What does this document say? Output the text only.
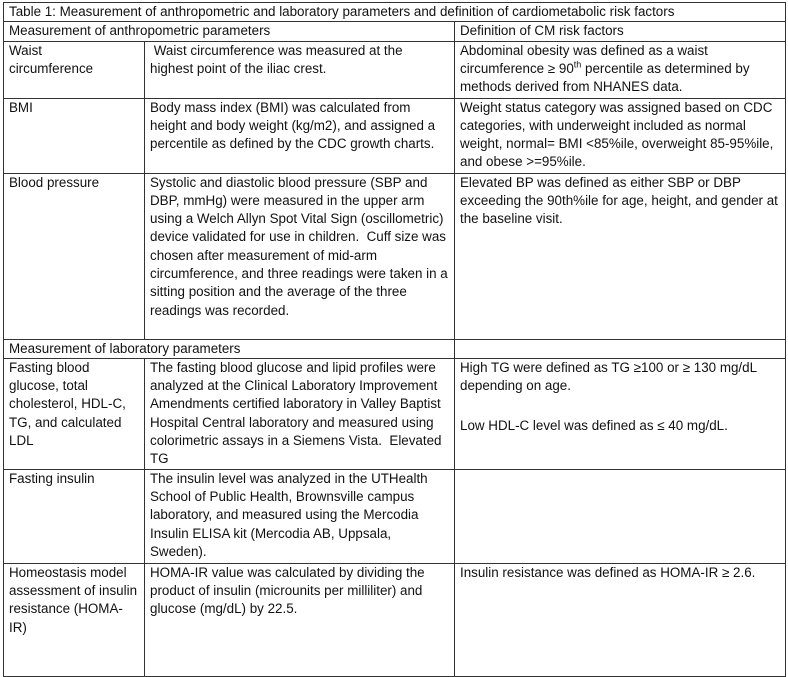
Table 1: Measurement of anthropometric and laboratory parameters and definition of cardiometabolic risk factors		
Measurement of anthropometric parameters		Definition of CM risk factors
Waist circumference	Waist circumference was measured at the highest point of the iliac crest.	Abdominal obesity was defined as a waist circumference ≥ 90th percentile as determined by methods derived from NHANES data.
BMI	Body mass index (BMI) was calculated from height and body weight (kg/m2), and assigned a percentile as defined by the CDC growth charts.	Weight status category was assigned based on CDC categories, with underweight included as normal weight, normal= BMI <85%ile, overweight 85-95%ile, and obese >=95%ile.
Blood pressure	Systolic and diastolic blood pressure (SBP and DBP, mmHg) were measured in the upper arm using a Welch Allyn Spot Vital Sign (oscillometric) device validated for use in children.  Cuff size was chosen after measurement of mid-arm circumference, and three readings were taken in a sitting position and the average of the three readings was recorded.	Elevated BP was defined as either SBP or DBP exceeding the 90th%ile for age, height, and gender at the baseline visit.
Measurement of laboratory parameters		
Fasting blood glucose, total cholesterol, HDL-C, TG, and calculated LDL	The fasting blood glucose and lipid profiles were analyzed at the Clinical Laboratory Improvement Amendments certified laboratory in Valley Baptist Hospital Central laboratory and measured using colorimetric assays in a Siemens Vista.  Elevated TG	High TG were defined as TG ≥100 or ≥ 130 mg/dL depending on age.
Low HDL-C level was defined as ≤ 40 mg/dL.

Fasting insulin	The insulin level was analyzed in the UTHealth School of Public Health, Brownsville campus laboratory, and measured using the Mercodia Insulin ELISA kit (Mercodia AB, Uppsala, Sweden).	
Homeostasis model assessment of insulin resistance (HOMA-IR)	HOMA-IR value was calculated by dividing the product of insulin (microunits per milliliter) and glucose (mg/dL) by 22.5.	Insulin resistance was defined as HOMA-IR ≥ 2.6.
